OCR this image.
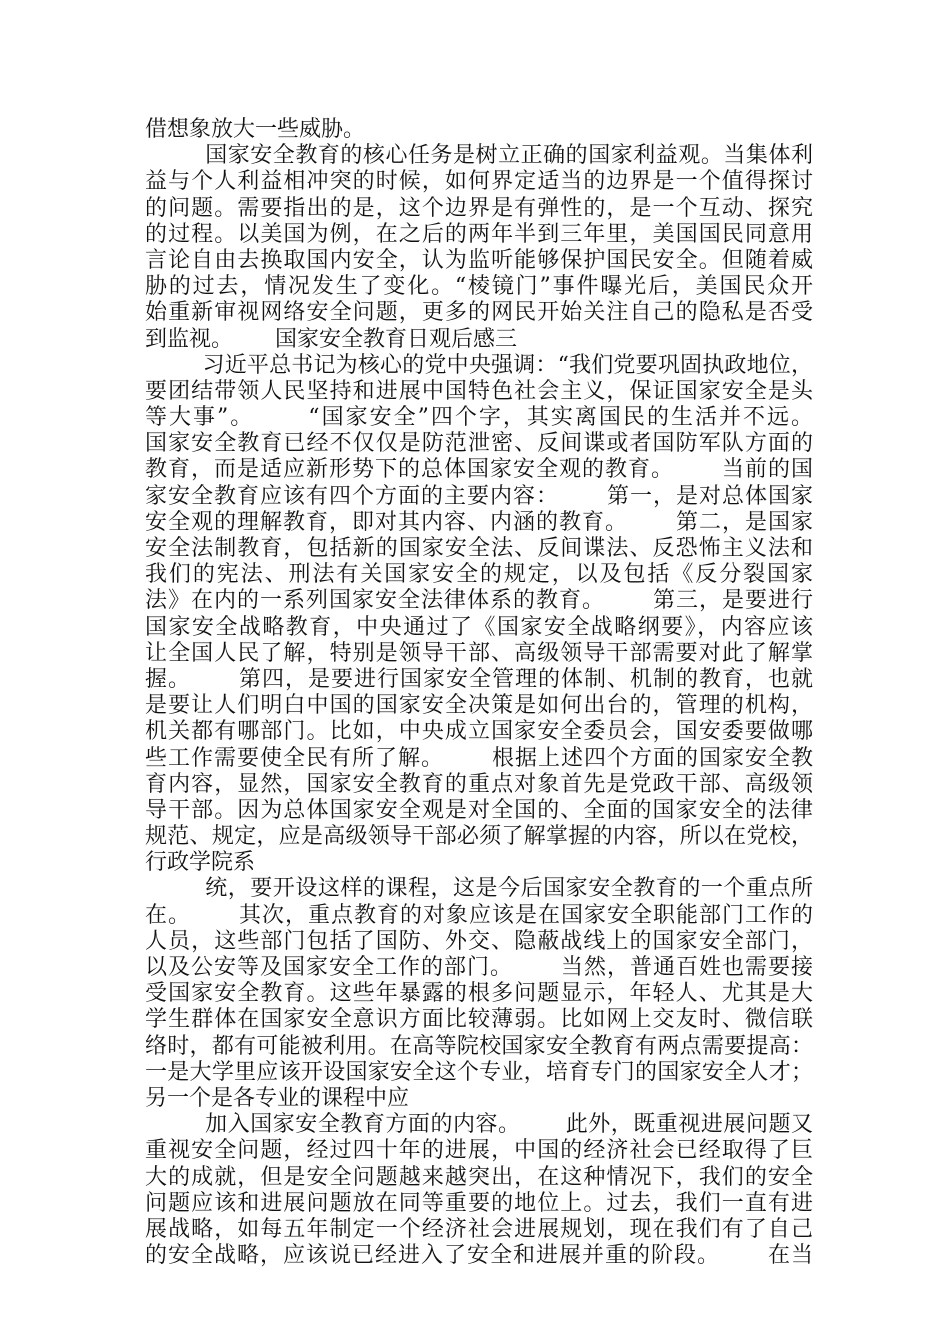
借想象放大一些威胁。
国家安全教育的核心任务是树立正确的国家利益观。当集体利
益与个人利益相冲突的时候，如何界定适当的边界是一个值得探讨
的问题。需要指出的是，这个边界是有弹性的，是一个互动、探究
的过程。以美国为例，在之后的两年半到三年里，美国国民同意用
言论自由去换取国内安全，认为监听能够保护国民安全。但随着威
胁的过去，情况发生了变化。“棱镜门”事件曝光后，美国民众开
始重新审视网络安全问题，更多的网民开始关注自己的隐私是否受
到监视。      国家安全教育日观后感三
习近平总书记为核心的党中央强调：“我们党要巩固执政地位，
要团结带领人民坚持和进展中国特色社会主义，保证国家安全是头
等大事”。      “国家安全”四个字，其实离国民的生活并不远。
国家安全教育已经不仅仅是防范泄密、反间谍或者国防军队方面的
教育，而是适应新形势下的总体国家安全观的教育。      当前的国
家安全教育应该有四个方面的主要内容：      第一，是对总体国家
安全观的理解教育，即对其内容、内涵的教育。      第二，是国家
安全法制教育，包括新的国家安全法、反间谍法、反恐怖主义法和
我们的宪法、刑法有关国家安全的规定，以及包括《反分裂国家
法》在内的一系列国家安全法律体系的教育。      第三，是要进行
国家安全战略教育，中央通过了《国家安全战略纲要》，内容应该
让全国人民了解，特别是领导干部、高级领导干部需要对此了解掌
握。      第四，是要进行国家安全管理的体制、机制的教育，也就
是要让人们明白中国的国家安全决策是如何出台的，管理的机构，
机关都有哪部门。比如，中央成立国家安全委员会，国安委要做哪
些工作需要使全民有所了解。      根据上述四个方面的国家安全教
育内容，显然，国家安全教育的重点对象首先是党政干部、高级领
导干部。因为总体国家安全观是对全国的、全面的国家安全的法律
规范、规定，应是高级领导干部必须了解掌握的内容，所以在党校，
行政学院系
统，要开设这样的课程，这是今后国家安全教育的一个重点所
在。      其次，重点教育的对象应该是在国家安全职能部门工作的
人员，这些部门包括了国防、外交、隐蔽战线上的国家安全部门，
以及公安等及国家安全工作的部门。      当然，普通百姓也需要接
受国家安全教育。这些年暴露的根多问题显示，年轻人、尤其是大
学生群体在国家安全意识方面比较薄弱。比如网上交友时、微信联
络时，都有可能被利用。在高等院校国家安全教育有两点需要提高：
一是大学里应该开设国家安全这个专业，培育专门的国家安全人才；
另一个是各专业的课程中应
加入国家安全教育方面的内容。      此外，既重视进展问题又
重视安全问题，经过四十年的进展，中国的经济社会已经取得了巨
大的成就，但是安全问题越来越突出，在这种情况下，我们的安全
问题应该和进展问题放在同等重要的地位上。过去，我们一直有进
展战略，如每五年制定一个经济社会进展规划，现在我们有了自己
的安全战略，应该说已经进入了安全和进展并重的阶段。      在当
